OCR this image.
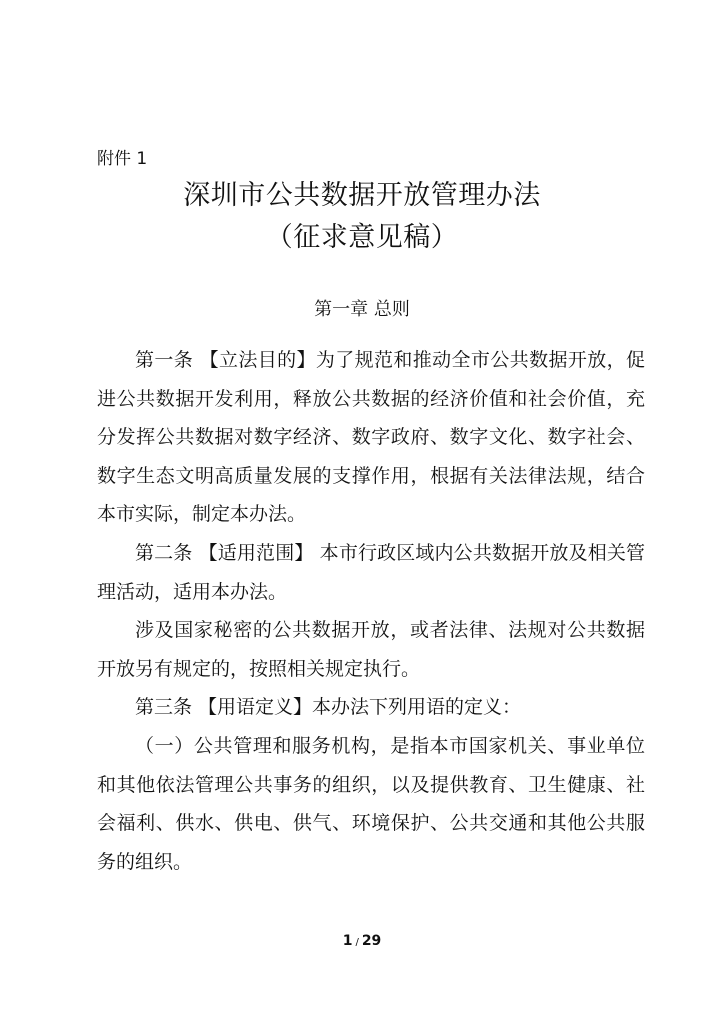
附件 1
深圳市公共数据开放管理办法
（征求意见稿）
第一章 总则

第一条 【立法目的】为了规范和推动全市公共数据开放，促进公共数据开发利用，释放公共数据的经济价值和社会价值，充分发挥公共数据对数字经济、数字政府、数字文化、数字社会、数字生态文明高质量发展的支撑作用，根据有关法律法规，结合本市实际，制定本办法。

第二条 【适用范围】 本市行政区域内公共数据开放及相关管理活动，适用本办法。

涉及国家秘密的公共数据开放，或者法律、法规对公共数据开放另有规定的，按照相关规定执行。

第三条 【用语定义】本办法下列用语的定义：

（一）公共管理和服务机构，是指本市国家机关、事业单位和其他依法管理公共事务的组织，以及提供教育、卫生健康、社会福利、供水、供电、供气、环境保护、公共交通和其他公共服务的组织。

1 / 29
